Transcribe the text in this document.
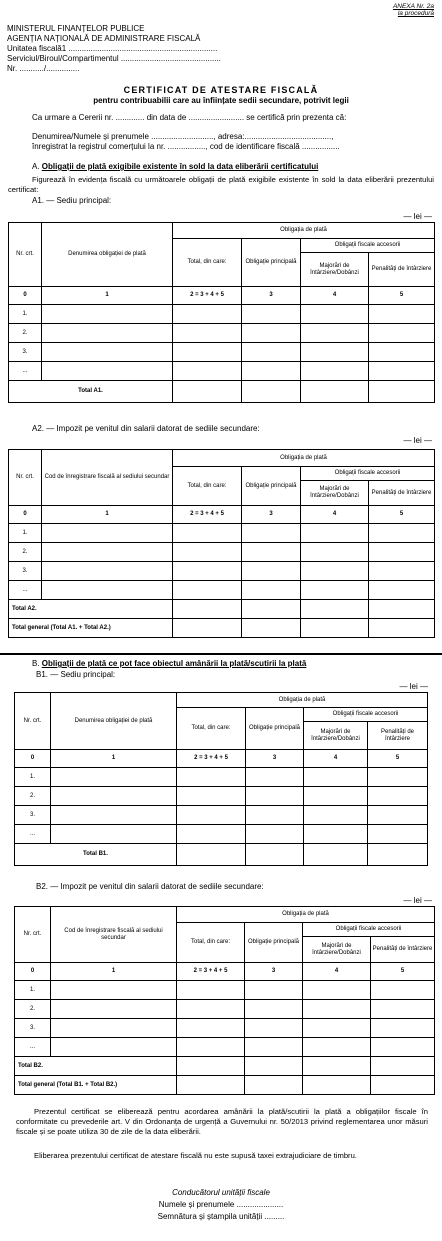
ANEXA Nr. 2a
la procedură
MINISTERUL FINANȚELOR PUBLICE
AGENȚIA NAȚIONALĂ DE ADMINISTRARE FISCALĂ
Unitatea fiscală1 ...................................................................
Serviciul/Biroul/Compartimentul .............................................
Nr. .........../...............
CERTIFICAT DE ATESTARE FISCALĂ
pentru contribuabilii care au înființate sedii secundare, potrivit legii
Ca urmare a Cererii nr. ............. din data de ......................... se certifică prin prezenta că:
Denumirea/Numele și prenumele ............................, adresa:.......................................,
înregistrat la registrul comerțului la nr. ................., cod de identificare fiscală .................
A. Obligații de plată exigibile existente în sold la data eliberării certificatului
Figurează în evidența fiscală cu următoarele obligații de plată exigibile existente în sold la data eliberării prezentului certificat:
A1. — Sediu principal:
— lei —
Nr. crt.	Denumirea obligației de plată	Obligația de plată			
		Total, din care:	Obligație principală	Obligații fiscale accesorii	
				Majorări de întârziere/Dobânzi	Penalități de întârziere
0	1	2 = 3 + 4 + 5	3	4	5
1.					
2.					
3.					
...					
Total A1.					
A2. — Impozit pe venitul din salarii datorat de sediile secundare:
— lei —
Nr. crt.	Cod de înregistrare fiscală al sediului secundar	Obligația de plată			
		Total, din care:	Obligație principală	Obligații fiscale accesorii	
				Majorări de întârziere/Dobânzi	Penalități de întârziere
0	1	2 = 3 + 4 + 5	3	4	5
1.					
2.					
3.					
...					
Total A2.					
Total general (Total A1. + Total A2.)					
B. Obligații de plată ce pot face obiectul amânării la plată/scutirii la plată
B1. — Sediu principal:
— lei —
Nr. crt.	Denumirea obligației de plată	Obligația de plată			
		Total, din care:	Obligație principală	Obligații fiscale accesorii	
				Majorări de întârziere/Dobânzi	Penalități de întârziere
0	1	2 = 3 + 4 + 5	3	4	5
1.					
2.					
3.					
...					
Total B1.					
B2. — Impozit pe venitul din salarii datorat de sediile secundare:
— lei —
Nr. crt.	Cod de înregistrare fiscală al sediului secundar	Obligația de plată			
		Total, din care:	Obligație principală	Obligații fiscale accesorii	
				Majorări de întârziere/Dobânzi	Penalități de întârziere
0	1	2 = 3 + 4 + 5	3	4	5
1.					
2.					
3.					
...					
Total B2.					
Total general (Total B1. + Total B2.)					
Prezentul certificat se eliberează pentru acordarea amânării la plată/scutirii la plată a obligațiilor fiscale în conformitate cu prevederile art. V din Ordonanța de urgență a Guvernului nr. 50/2013 privind reglementarea unor măsuri fiscale și se poate utiliza 30 de zile de la data eliberării.
Eliberarea prezentului certificat de atestare fiscală nu este supusă taxei extrajudiciare de timbru.
Conducătorul unității fiscale
Numele și prenumele .....................
Semnătura și ștampila unității .........
